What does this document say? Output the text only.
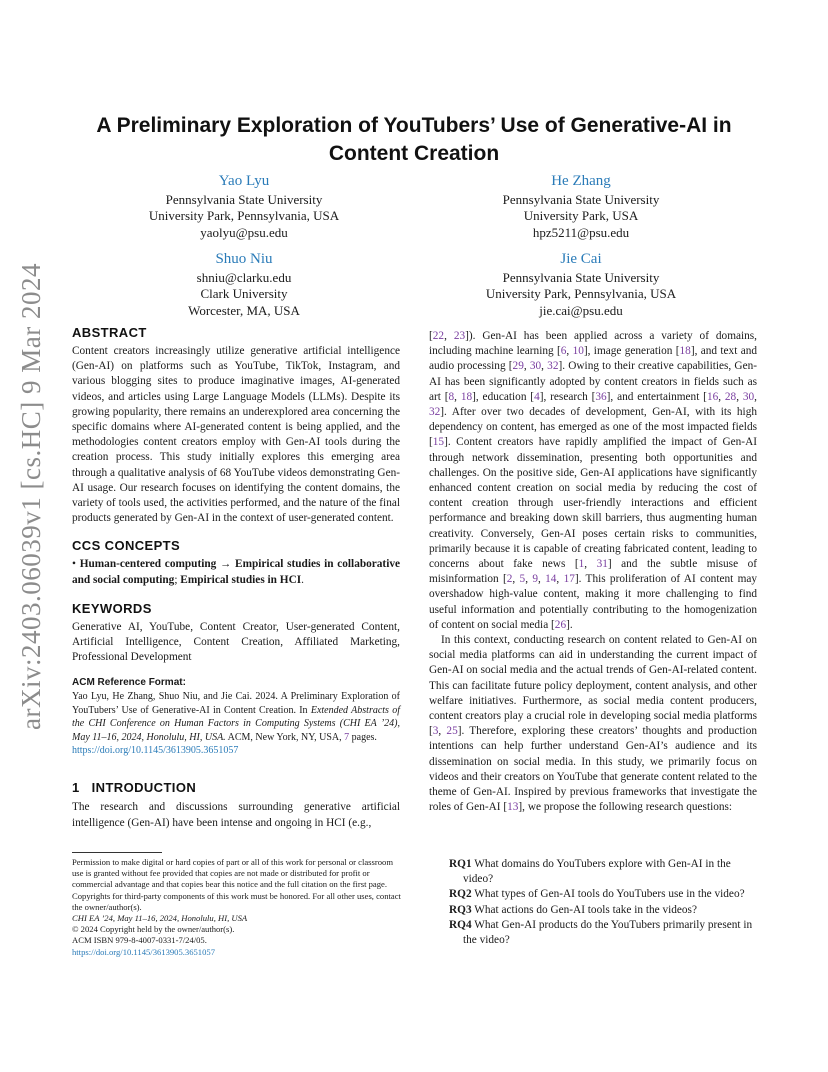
arXiv:2403.06039v1 [cs.HC] 9 Mar 2024
A Preliminary Exploration of YouTubers’ Use of Generative-AI in Content Creation
Yao Lyu
Pennsylvania State University
University Park, Pennsylvania, USA
yaolyu@psu.edu
He Zhang
Pennsylvania State University
University Park, USA
hpz5211@psu.edu
Shuo Niu
shniu@clarku.edu
Clark University
Worcester, MA, USA
Jie Cai
Pennsylvania State University
University Park, Pennsylvania, USA
jie.cai@psu.edu
ABSTRACT

Content creators increasingly utilize generative artificial intelligence (Gen-AI) on platforms such as YouTube, TikTok, Instagram, and various blogging sites to produce imaginative images, AI-generated videos, and articles using Large Language Models (LLMs). Despite its growing popularity, there remains an underexplored area concerning the specific domains where AI-generated content is being applied, and the methodologies content creators employ with Gen-AI tools during the creation process. This study initially explores this emerging area through a qualitative analysis of 68 YouTube videos demonstrating Gen-AI usage. Our research focuses on identifying the content domains, the variety of tools used, the activities performed, and the nature of the final products generated by Gen-AI in the context of user-generated content.

CCS CONCEPTS

• Human-centered computing → Empirical studies in collaborative and social computing; Empirical studies in HCI.

KEYWORDS

Generative AI, YouTube, Content Creator, User-generated Content, Artificial Intelligence, Content Creation, Affiliated Marketing, Professional Development

ACM Reference Format:

Yao Lyu, He Zhang, Shuo Niu, and Jie Cai. 2024. A Preliminary Exploration of YouTubers’ Use of Generative-AI in Content Creation. In Extended Abstracts of the CHI Conference on Human Factors in Computing Systems (CHI EA ’24), May 11–16, 2024, Honolulu, HI, USA. ACM, New York, NY, USA, 7 pages.
https://doi.org/10.1145/3613905.3651057

1   INTRODUCTION

The research and discussions surrounding generative artificial intelligence (Gen-AI) have been intense and ongoing in HCI (e.g.,

Permission to make digital or hard copies of part or all of this work for personal or classroom use is granted without fee provided that copies are not made or distributed for profit or commercial advantage and that copies bear this notice and the full citation on the first page. Copyrights for third-party components of this work must be honored. For all other uses, contact the owner/author(s).
CHI EA ’24, May 11–16, 2024, Honolulu, HI, USA
© 2024 Copyright held by the owner/author(s).
ACM ISBN 979-8-4007-0331-7/24/05.
https://doi.org/10.1145/3613905.3651057

[22, 23]). Gen-AI has been applied across a variety of domains, including machine learning [6, 10], image generation [18], and text and audio processing [29, 30, 32]. Owing to their creative capabilities, Gen-AI has been significantly adopted by content creators in fields such as art [8, 18], education [4], research [36], and entertainment [16, 28, 30, 32]. After over two decades of development, Gen-AI, with its high dependency on content, has emerged as one of the most impacted fields [15]. Content creators have rapidly amplified the impact of Gen-AI through network dissemination, presenting both opportunities and challenges. On the positive side, Gen-AI applications have significantly enhanced content creation on social media by reducing the cost of content creation through user-friendly interactions and efficient performance and breaking down skill barriers, thus augmenting human creativity. Conversely, Gen-AI poses certain risks to communities, primarily because it is capable of creating fabricated content, leading to concerns about fake news [1, 31] and the subtle misuse of misinformation [2, 5, 9, 14, 17]. This proliferation of AI content may overshadow high-value content, making it more challenging to find useful information and potentially contributing to the homogenization of content on social media [26].

In this context, conducting research on content related to Gen-AI on social media platforms can aid in understanding the current impact of Gen-AI on social media and the actual trends of Gen-AI-related content. This can facilitate future policy deployment, content analysis, and other welfare initiatives. Furthermore, as social media content producers, content creators play a crucial role in developing social media platforms [3, 25]. Therefore, exploring these creators’ thoughts and production intentions can help further understand Gen-AI’s audience and its dissemination on social media. In this study, we primarily focus on videos and their creators on YouTube that generate content related to the theme of Gen-AI. Inspired by previous frameworks that investigate the roles of Gen-AI [13], we propose the following research questions:

RQ1 What domains do YouTubers explore with Gen-AI in the video?
RQ2 What types of Gen-AI tools do YouTubers use in the video?
RQ3 What actions do Gen-AI tools take in the videos?
RQ4 What Gen-AI products do the YouTubers primarily present in the video?
